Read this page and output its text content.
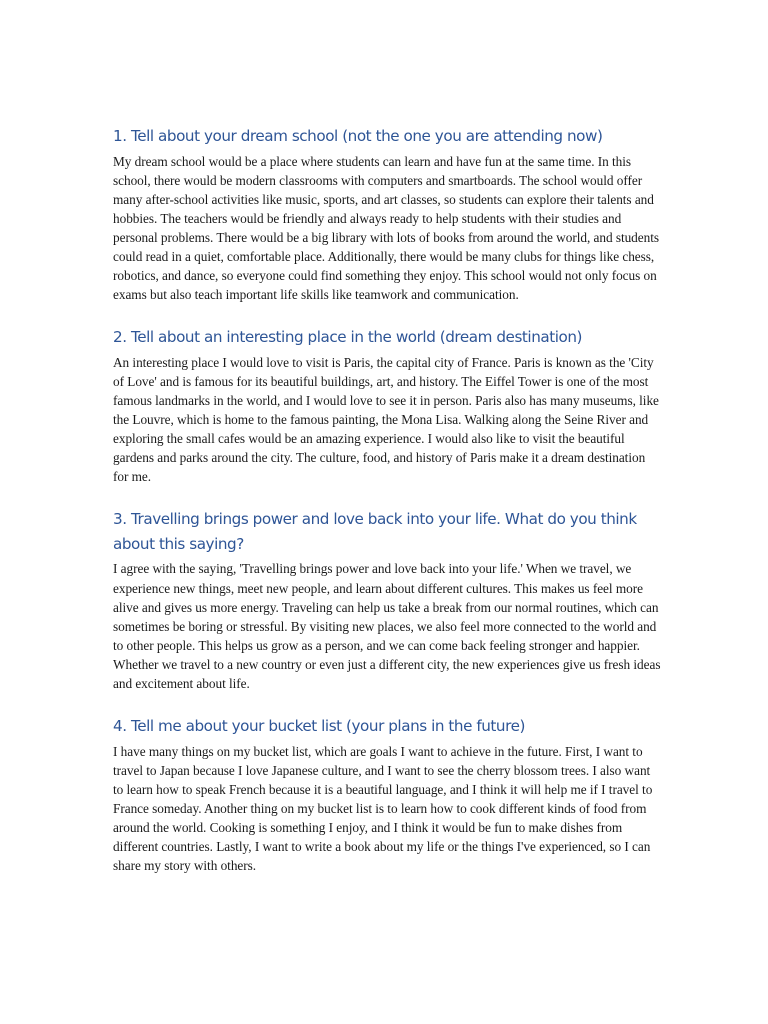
1. Tell about your dream school (not the one you are attending now)

My dream school would be a place where students can learn and have fun at the same time. In this school, there would be modern classrooms with computers and smartboards. The school would offer many after-school activities like music, sports, and art classes, so students can explore their talents and hobbies. The teachers would be friendly and always ready to help students with their studies and personal problems. There would be a big library with lots of books from around the world, and students could read in a quiet, comfortable place. Additionally, there would be many clubs for things like chess, robotics, and dance, so everyone could find something they enjoy. This school would not only focus on exams but also teach important life skills like teamwork and communication.

2. Tell about an interesting place in the world (dream destination)

An interesting place I would love to visit is Paris, the capital city of France. Paris is known as the 'City of Love' and is famous for its beautiful buildings, art, and history. The Eiffel Tower is one of the most famous landmarks in the world, and I would love to see it in person. Paris also has many museums, like the Louvre, which is home to the famous painting, the Mona Lisa. Walking along the Seine River and exploring the small cafes would be an amazing experience. I would also like to visit the beautiful gardens and parks around the city. The culture, food, and history of Paris make it a dream destination for me.

3. Travelling brings power and love back into your life. What do you think about this saying?

I agree with the saying, 'Travelling brings power and love back into your life.' When we travel, we experience new things, meet new people, and learn about different cultures. This makes us feel more alive and gives us more energy. Traveling can help us take a break from our normal routines, which can sometimes be boring or stressful. By visiting new places, we also feel more connected to the world and to other people. This helps us grow as a person, and we can come back feeling stronger and happier. Whether we travel to a new country or even just a different city, the new experiences give us fresh ideas and excitement about life.

4. Tell me about your bucket list (your plans in the future)

I have many things on my bucket list, which are goals I want to achieve in the future. First, I want to travel to Japan because I love Japanese culture, and I want to see the cherry blossom trees. I also want to learn how to speak French because it is a beautiful language, and I think it will help me if I travel to France someday. Another thing on my bucket list is to learn how to cook different kinds of food from around the world. Cooking is something I enjoy, and I think it would be fun to make dishes from different countries. Lastly, I want to write a book about my life or the things I've experienced, so I can share my story with others.
